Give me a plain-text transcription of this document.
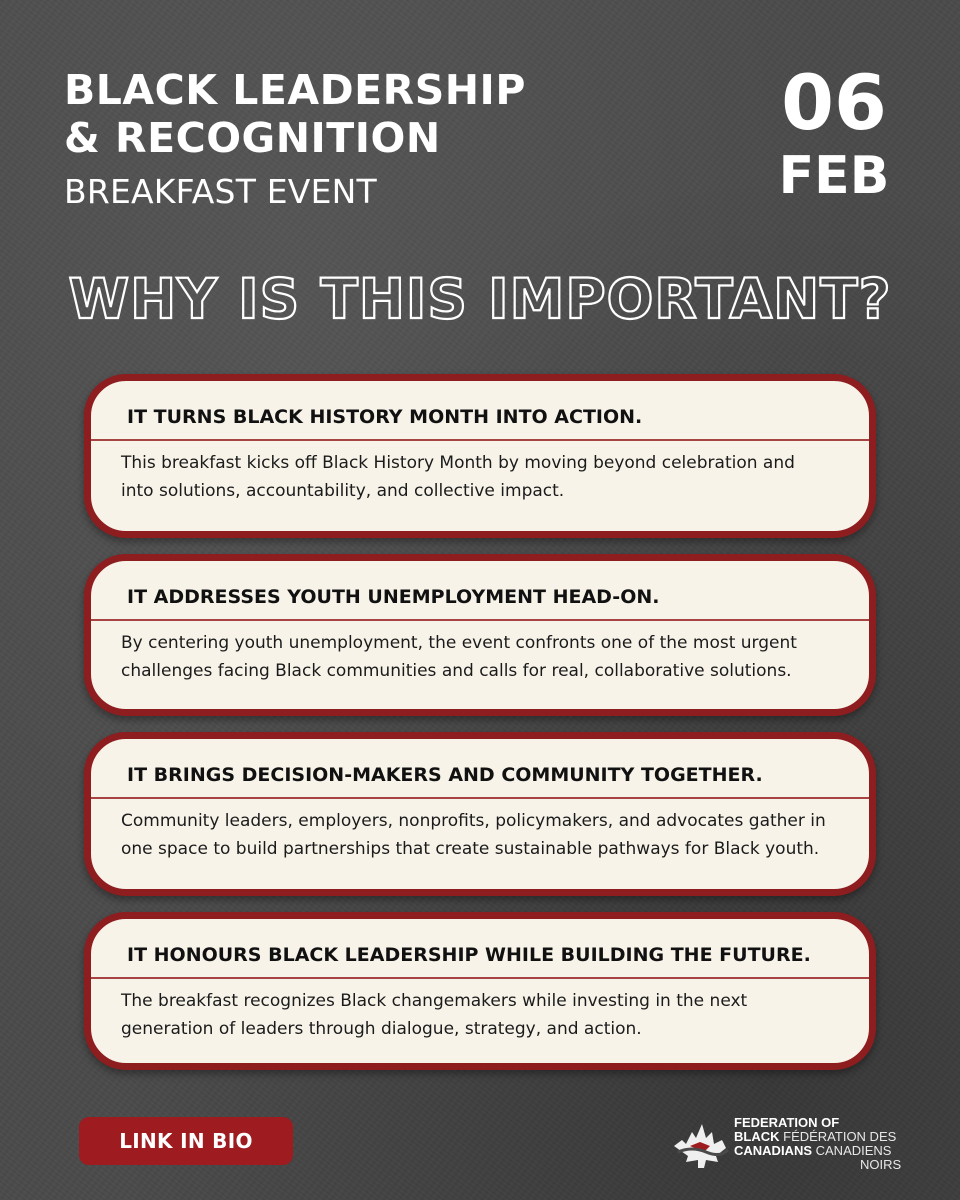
BLACK LEADERSHIP
& RECOGNITION
BREAKFAST EVENT
06
FEB
WHY IS THIS IMPORTANT?
IT TURNS BLACK HISTORY MONTH INTO ACTION.
This breakfast kicks off Black History Month by moving beyond celebration and
into solutions, accountability, and collective impact.
IT ADDRESSES YOUTH UNEMPLOYMENT HEAD-ON.
By centering youth unemployment, the event confronts one of the most urgent
challenges facing Black communities and calls for real, collaborative solutions.
IT BRINGS DECISION-MAKERS AND COMMUNITY TOGETHER.
Community leaders, employers, nonprofits, policymakers, and advocates gather in
one space to build partnerships that create sustainable pathways for Black youth.
IT HONOURS BLACK LEADERSHIP WHILE BUILDING THE FUTURE.
The breakfast recognizes Black changemakers while investing in the next
generation of leaders through dialogue, strategy, and action.
LINK IN BIO
FEDERATION OF
BLACK FÉDÉRATION DES
CANADIANS CANADIENS
NOIRS
